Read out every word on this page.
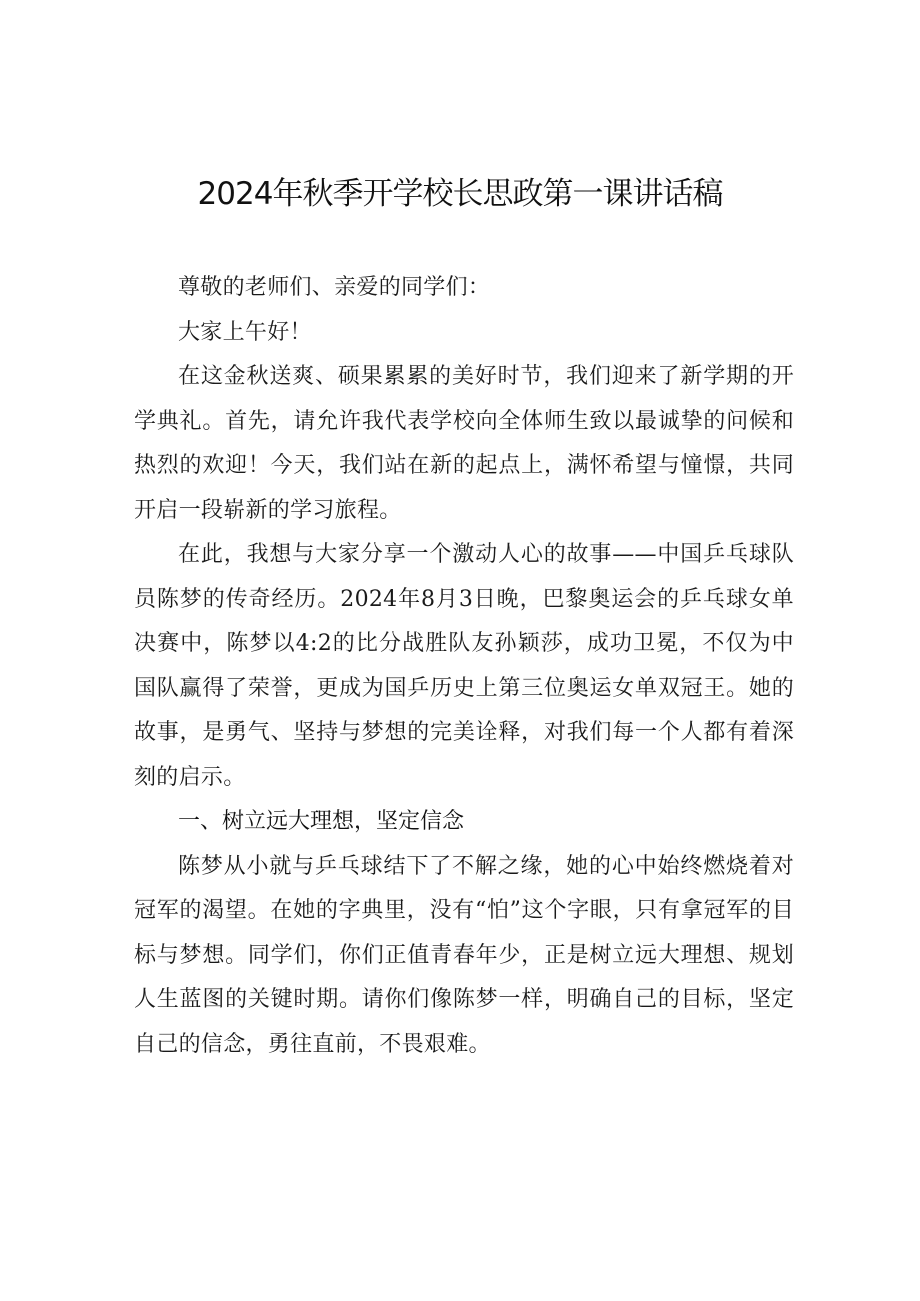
2024年秋季开学校长思政第一课讲话稿

尊敬的老师们、亲爱的同学们：

大家上午好！

在这金秋送爽、硕果累累的美好时节，我们迎来了新学期的开学典礼。首先，请允许我代表学校向全体师生致以最诚挚的问候和热烈的欢迎！今天，我们站在新的起点上，满怀希望与憧憬，共同开启一段崭新的学习旅程。

在此，我想与大家分享一个激动人心的故事——中国乒乓球队员陈梦的传奇经历。2024年8月3日晚，巴黎奥运会的乒乓球女单决赛中，陈梦以4:2的比分战胜队友孙颖莎，成功卫冕，不仅为中国队赢得了荣誉，更成为国乒历史上第三位奥运女单双冠王。她的故事，是勇气、坚持与梦想的完美诠释，对我们每一个人都有着深刻的启示。

一、树立远大理想，坚定信念

陈梦从小就与乒乓球结下了不解之缘，她的心中始终燃烧着对冠军的渴望。在她的字典里，没有“怕”这个字眼，只有拿冠军的目标与梦想。同学们，你们正值青春年少，正是树立远大理想、规划人生蓝图的关键时期。请你们像陈梦一样，明确自己的目标，坚定自己的信念，勇往直前，不畏艰难。
